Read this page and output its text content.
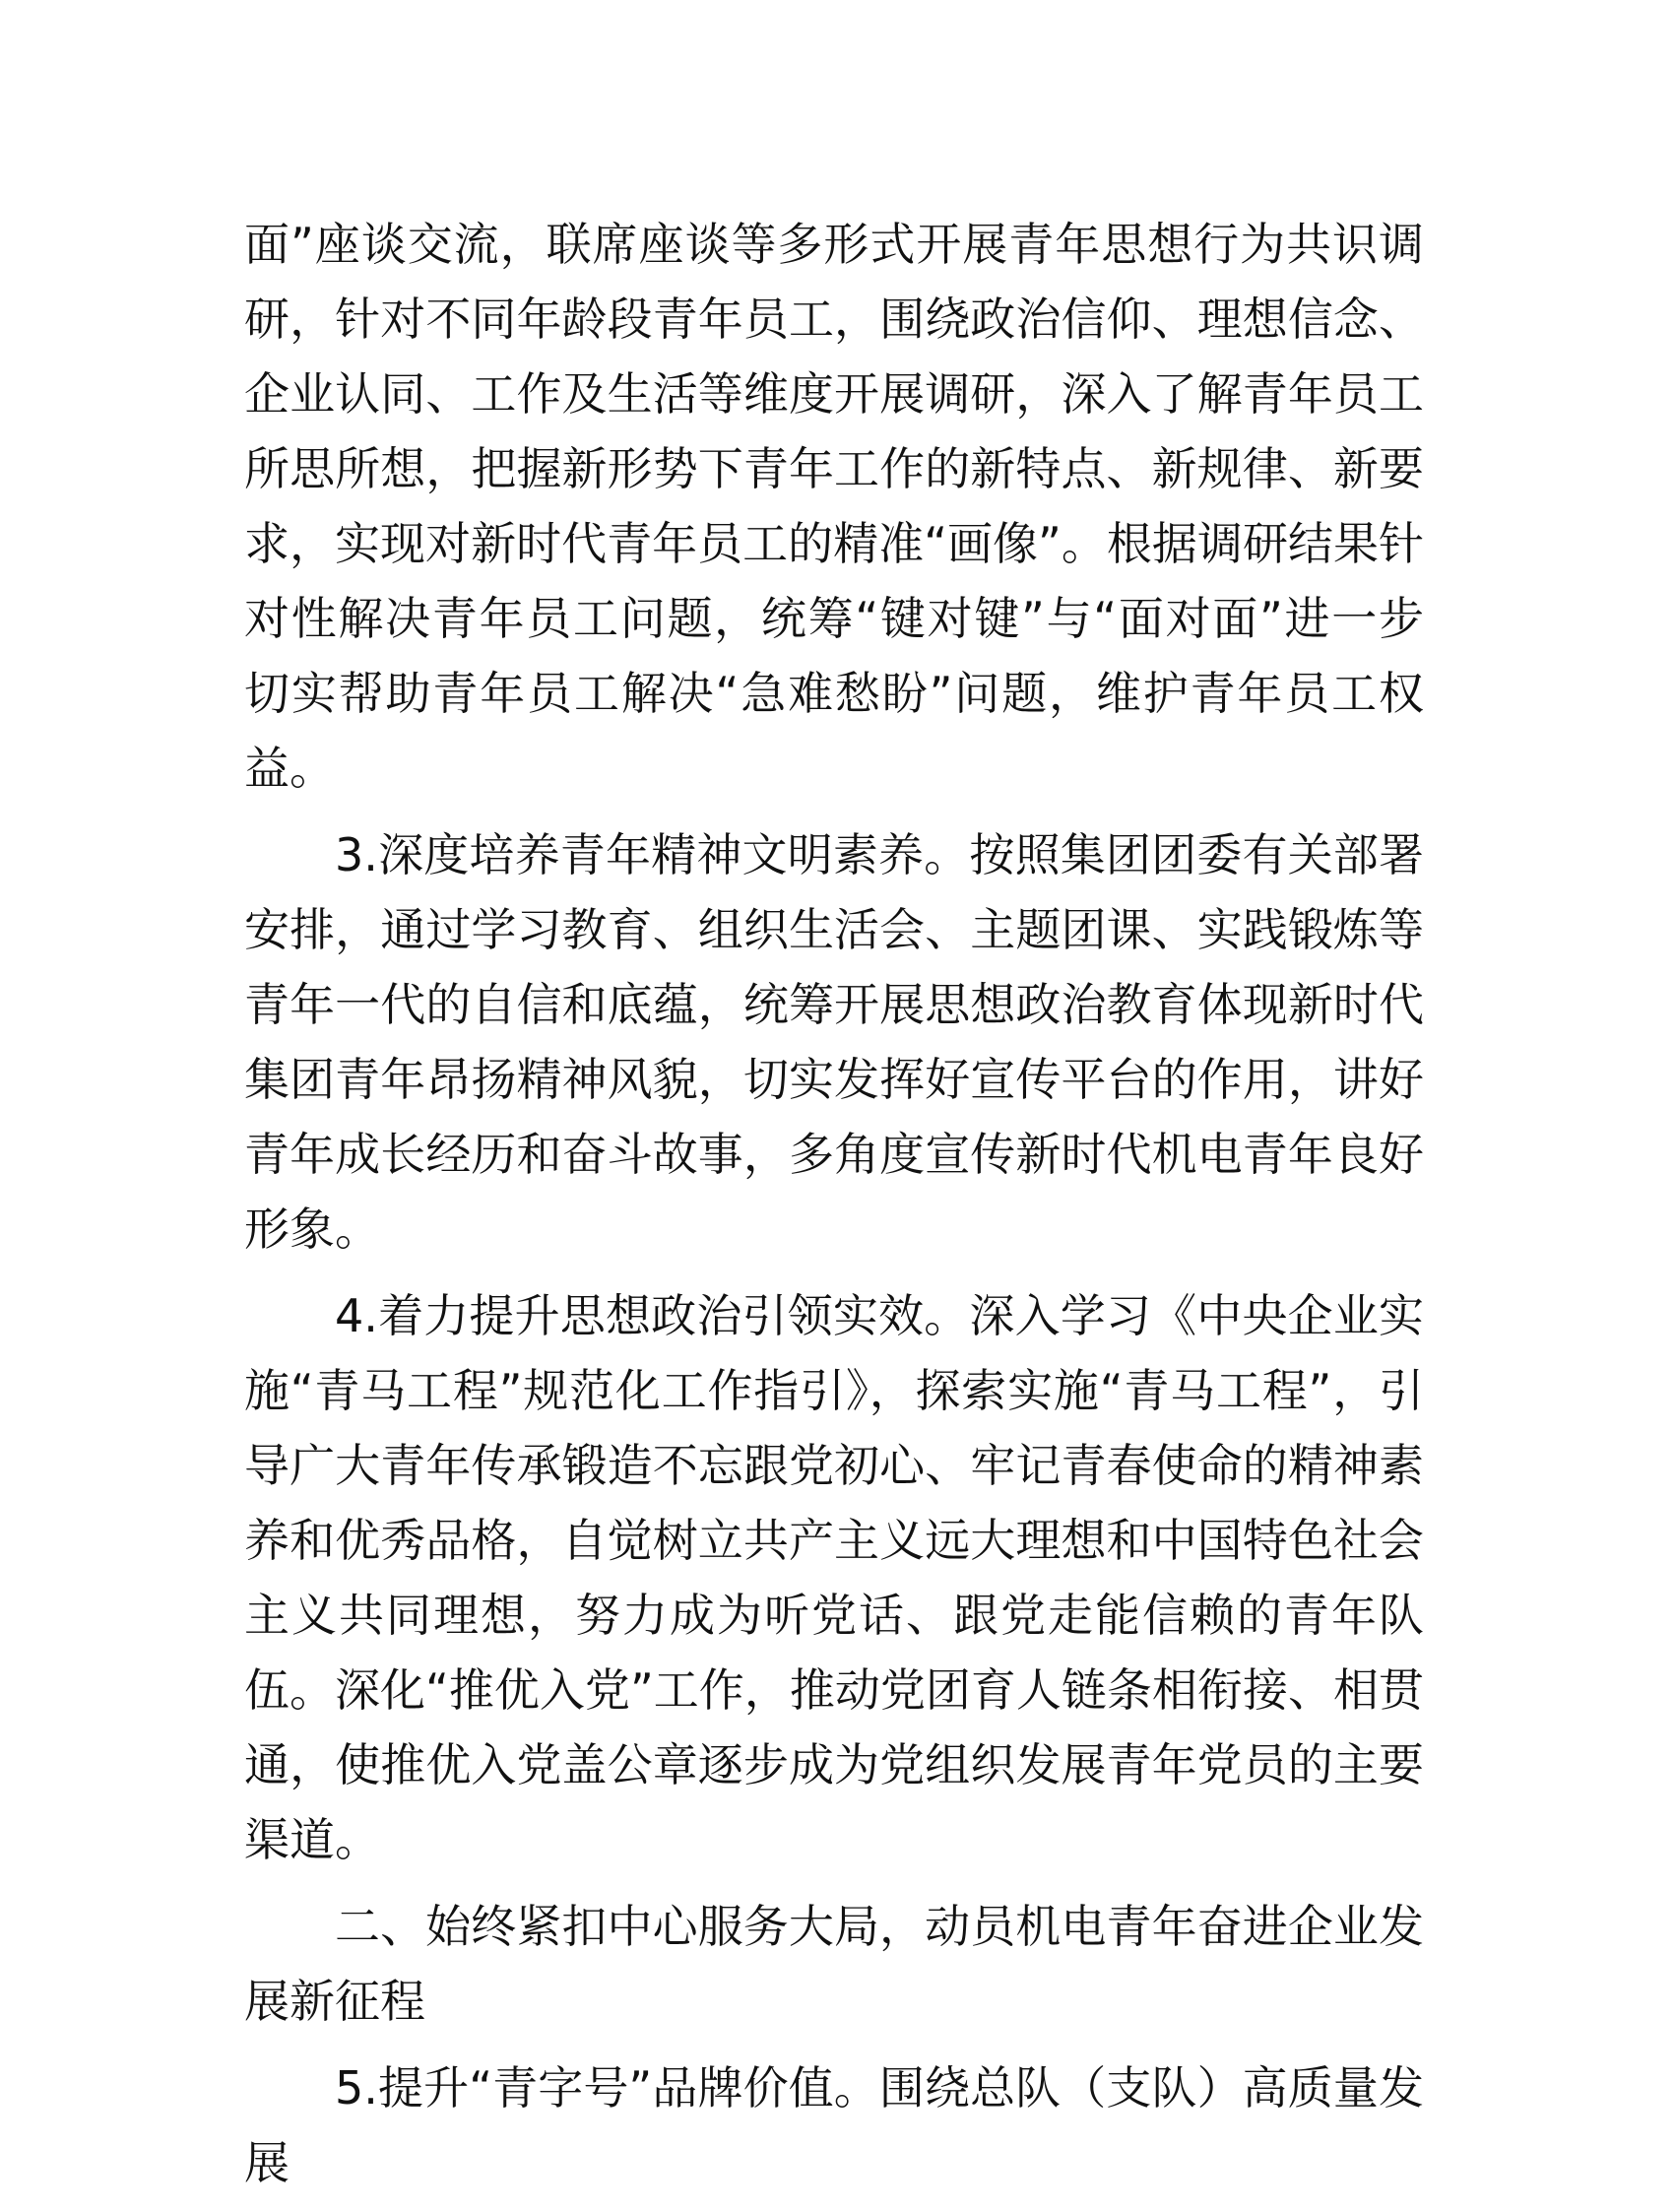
面”座谈交流，联席座谈等多形式开展青年思想行为共识调研，针对不同年龄段青年员工，围绕政治信仰、理想信念、企业认同、工作及生活等维度开展调研，深入了解青年员工所思所想，把握新形势下青年工作的新特点、新规律、新要求，实现对新时代青年员工的精准“画像”。根据调研结果针对性解决青年员工问题，统筹“键对键”与“面对面”进一步切实帮助青年员工解决“急难愁盼”问题，维护青年员工权益。

3.深度培养青年精神文明素养。按照集团团委有关部署安排，通过学习教育、组织生活会、主题团课、实践锻炼等青年一代的自信和底蕴，统筹开展思想政治教育体现新时代集团青年昂扬精神风貌，切实发挥好宣传平台的作用，讲好青年成长经历和奋斗故事，多角度宣传新时代机电青年良好形象。

4.着力提升思想政治引领实效。深入学习《中央企业实施“青马工程”规范化工作指引》，探索实施“青马工程”，引导广大青年传承锻造不忘跟党初心、牢记青春使命的精神素养和优秀品格，自觉树立共产主义远大理想和中国特色社会主义共同理想，努力成为听党话、跟党走能信赖的青年队伍。深化“推优入党”工作，推动党团育人链条相衔接、相贯通，使推优入党盖公章逐步成为党组织发展青年党员的主要渠道。

二、始终紧扣中心服务大局，动员机电青年奋进企业发展新征程

5.提升“青字号”品牌价值。围绕总队（支队）高质量发展
